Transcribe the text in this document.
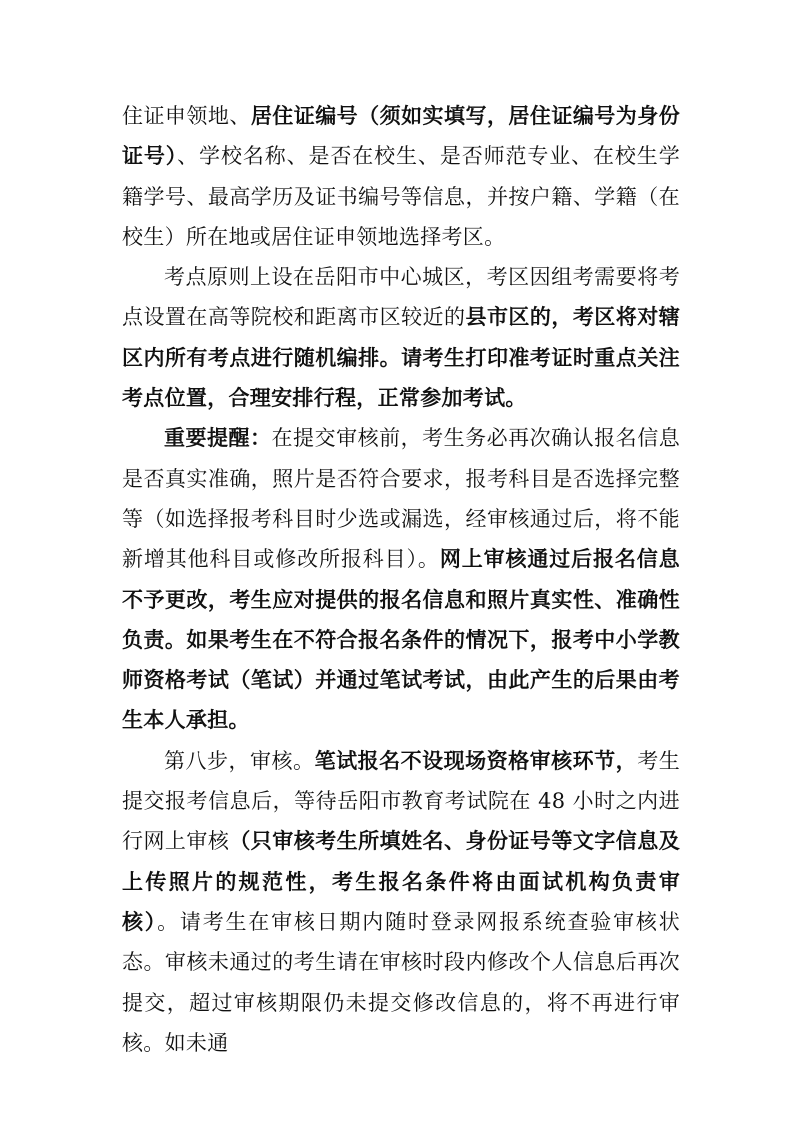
住证申领地、居住证编号（须如实填写，居住证编号为身份证号）、学校名称、是否在校生、是否师范专业、在校生学籍学号、最高学历及证书编号等信息，并按户籍、学籍（在校生）所在地或居住证申领地选择考区。

考点原则上设在岳阳市中心城区，考区因组考需要将考点设置在高等院校和距离市区较近的县市区的，考区将对辖区内所有考点进行随机编排。请考生打印准考证时重点关注考点位置，合理安排行程，正常参加考试。

重要提醒：在提交审核前，考生务必再次确认报名信息是否真实准确，照片是否符合要求，报考科目是否选择完整等（如选择报考科目时少选或漏选，经审核通过后，将不能新增其他科目或修改所报科目）。网上审核通过后报名信息不予更改，考生应对提供的报名信息和照片真实性、准确性负责。如果考生在不符合报名条件的情况下，报考中小学教师资格考试（笔试）并通过笔试考试，由此产生的后果由考生本人承担。

第八步，审核。笔试报名不设现场资格审核环节，考生提交报考信息后，等待岳阳市教育考试院在 48 小时之内进行网上审核（只审核考生所填姓名、身份证号等文字信息及上传照片的规范性，考生报名条件将由面试机构负责审核）。请考生在审核日期内随时登录网报系统查验审核状态。审核未通过的考生请在审核时段内修改个人信息后再次提交，超过审核期限仍未提交修改信息的，将不再进行审核。如未通
